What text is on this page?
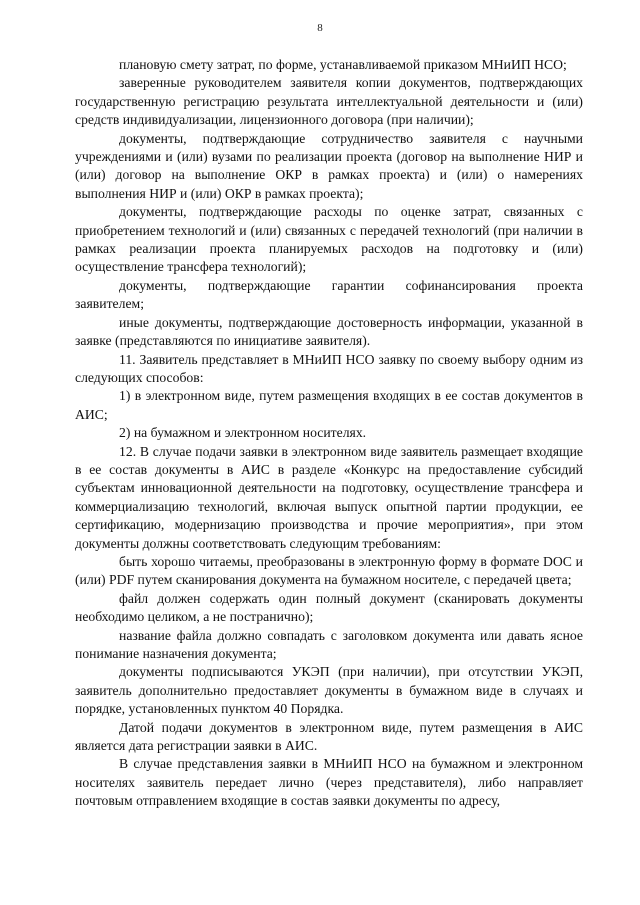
8

плановую смету затрат, по форме, устанавливаемой приказом МНиИП НСО;

заверенные руководителем заявителя копии документов, подтверждающих государственную регистрацию результата интеллектуальной деятельности и (или) средств индивидуализации, лицензионного договора (при наличии);

документы, подтверждающие сотрудничество заявителя с научными учреждениями и (или) вузами по реализации проекта (договор на выполнение НИР и (или) договор на выполнение ОКР в рамках проекта) и (или) о намерениях выполнения НИР и (или) ОКР в рамках проекта);

документы, подтверждающие расходы по оценке затрат, связанных с приобретением технологий и (или) связанных с передачей технологий (при наличии в рамках реализации проекта планируемых расходов на подготовку и (или) осуществление трансфера технологий);

документы, подтверждающие гарантии софинансирования проекта заявителем;

иные документы, подтверждающие достоверность информации, указанной в заявке (представляются по инициативе заявителя).

11. Заявитель представляет в МНиИП НСО заявку по своему выбору одним из следующих способов:

1) в электронном виде, путем размещения входящих в ее состав документов в АИС;

2) на бумажном и электронном носителях.

12. В случае подачи заявки в электронном виде заявитель размещает входящие в ее состав документы в АИС в разделе «Конкурс на предоставление субсидий субъектам инновационной деятельности на подготовку, осуществление трансфера и коммерциализацию технологий, включая выпуск опытной партии продукции, ее сертификацию, модернизацию производства и прочие мероприятия», при этом документы должны соответствовать следующим требованиям:

быть хорошо читаемы, преобразованы в электронную форму в формате DOC и (или) PDF путем сканирования документа на бумажном носителе, с передачей цвета;

файл должен содержать один полный документ (сканировать документы необходимо целиком, а не постранично);

название файла должно совпадать с заголовком документа или давать ясное понимание назначения документа;

документы подписываются УКЭП (при наличии), при отсутствии УКЭП, заявитель дополнительно предоставляет документы в бумажном виде в случаях и порядке, установленных пунктом 40 Порядка.

Датой подачи документов в электронном виде, путем размещения в АИС является дата регистрации заявки в АИС.

В случае представления заявки в МНиИП НСО на бумажном и электронном носителях заявитель передает лично (через представителя), либо направляет почтовым отправлением входящие в состав заявки документы по адресу,
